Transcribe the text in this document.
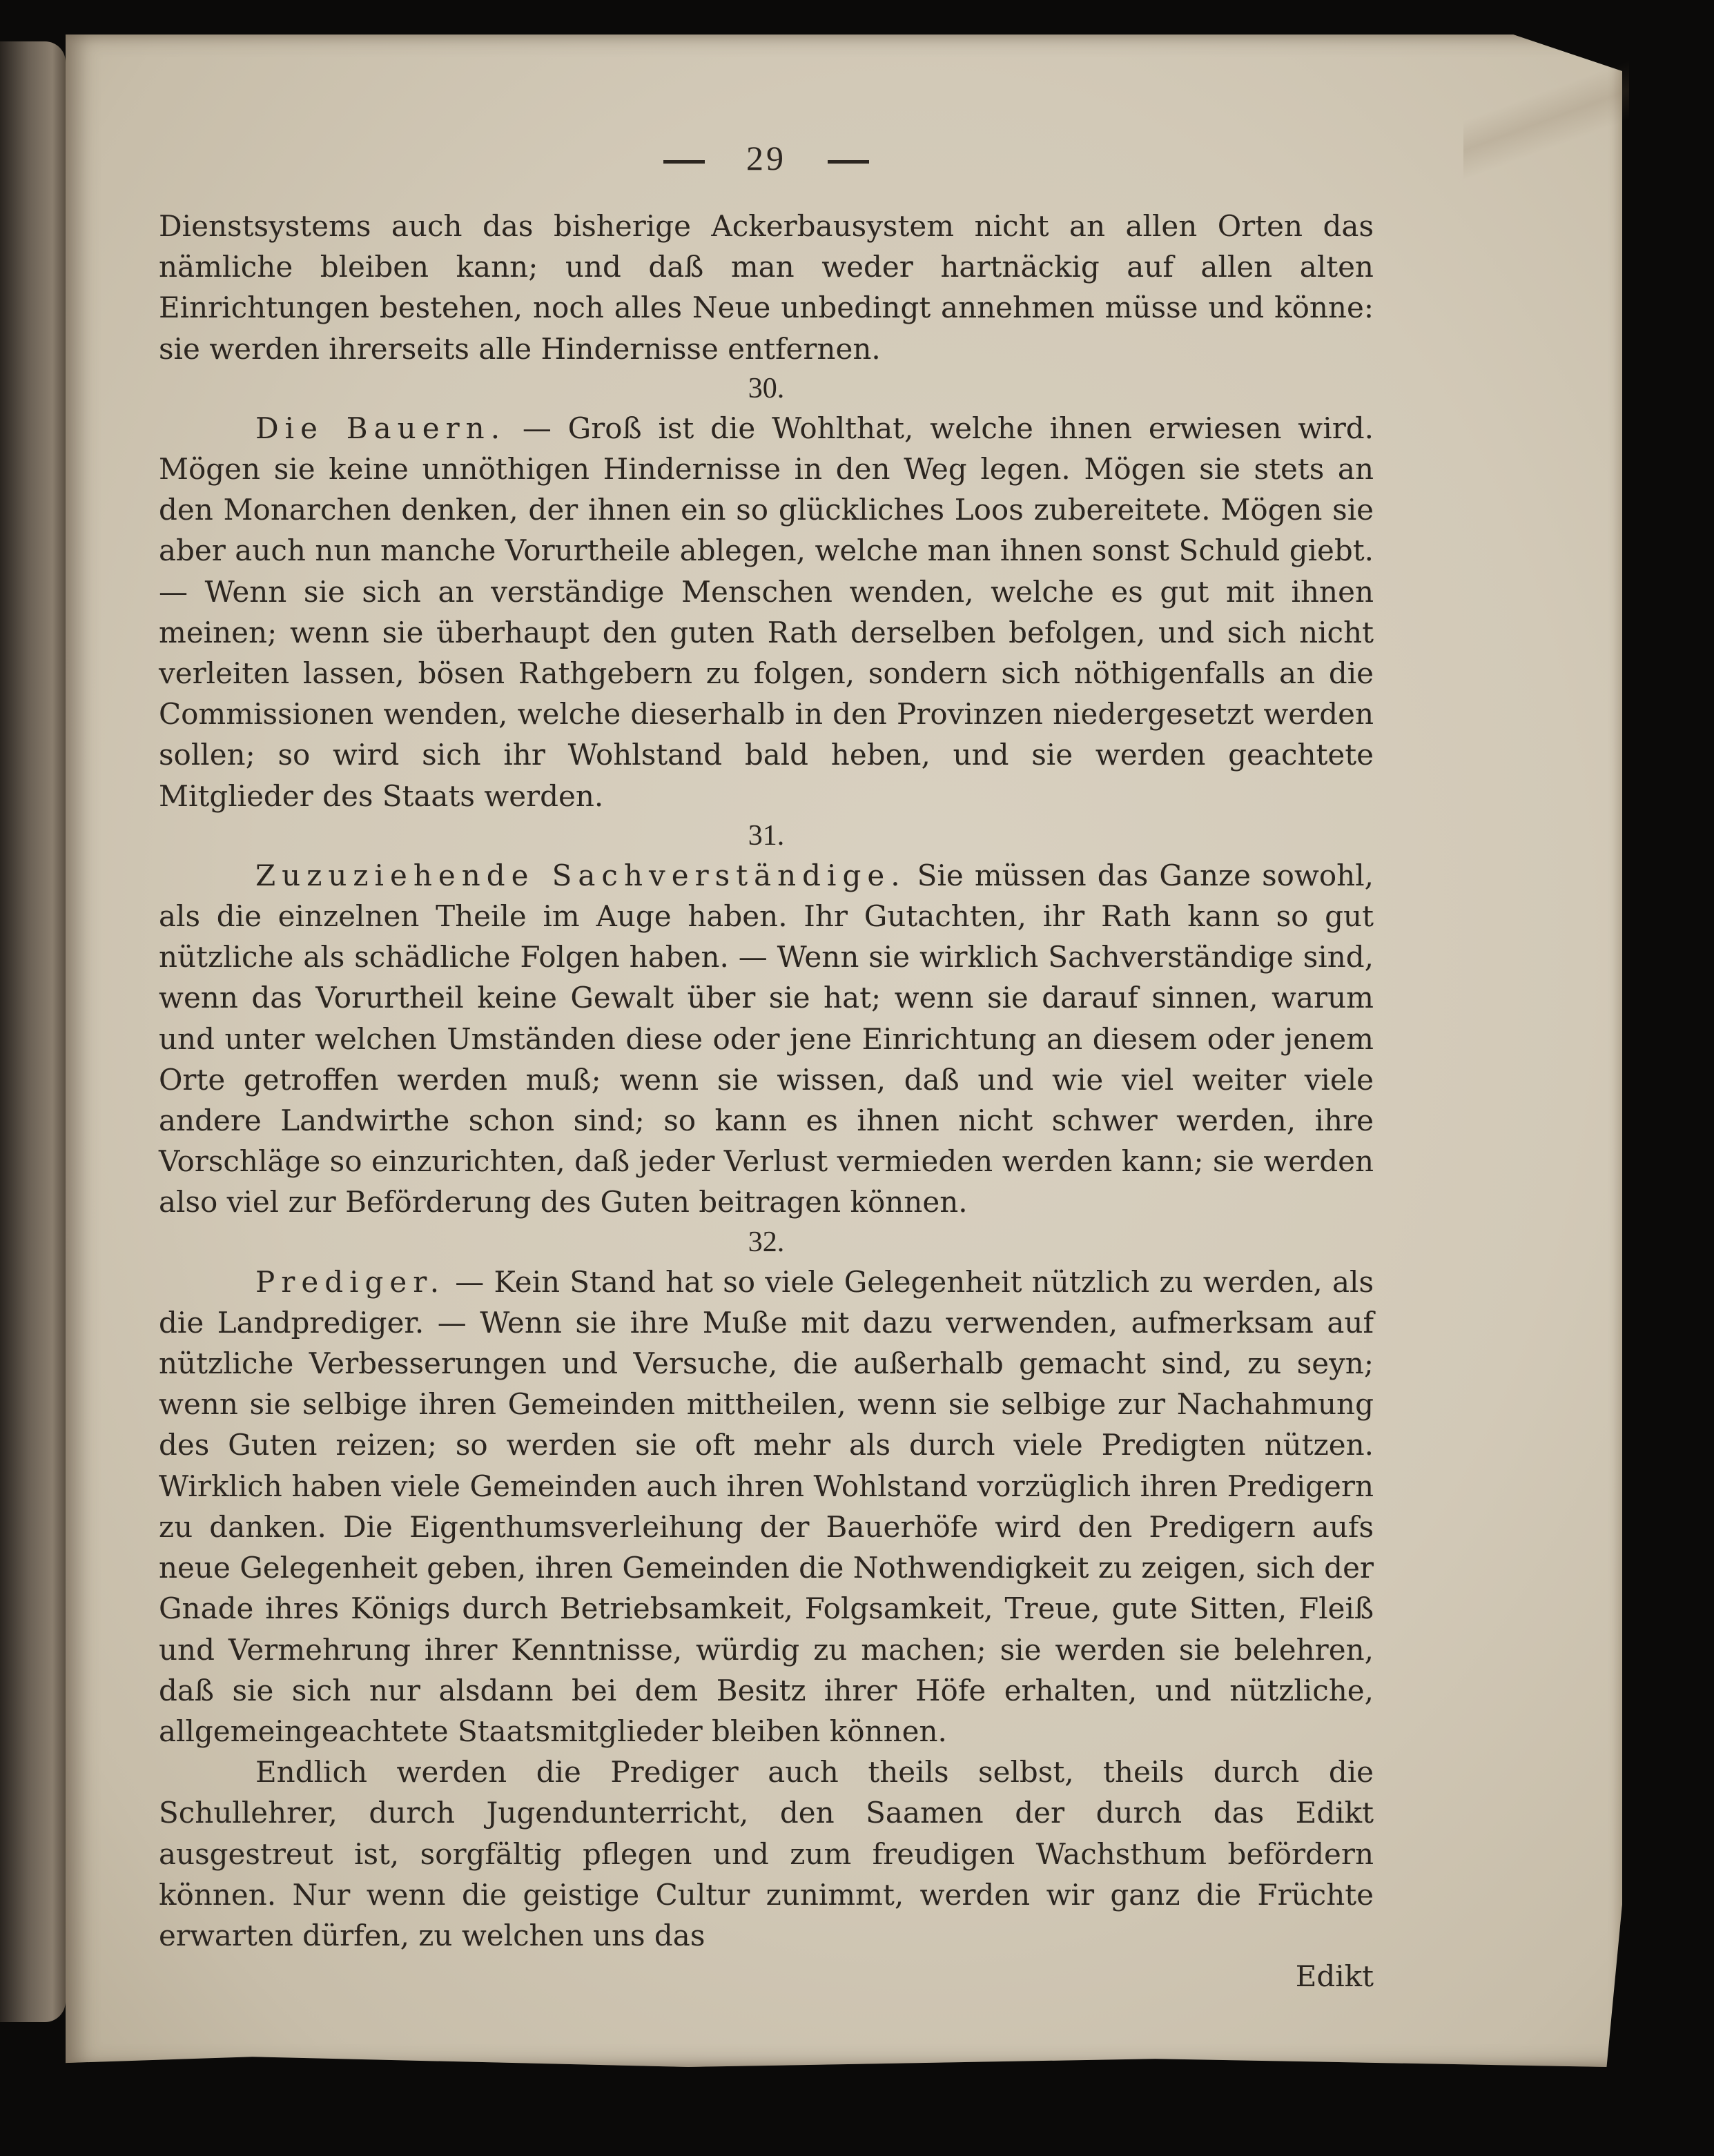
29

Dienstsystems auch das bisherige Ackerbausystem nicht an allen Orten das nämliche bleiben kann; und daß man weder hartnäckig auf allen alten Einrichtungen bestehen, noch alles Neue unbedingt annehmen müsse und könne: sie werden ihrerseits alle Hindernisse entfernen.

30.

Die Bauern. — Groß ist die Wohlthat, welche ihnen erwiesen wird. Mögen sie keine unnöthigen Hindernisse in den Weg legen. Mögen sie stets an den Monarchen denken, der ihnen ein so glückliches Loos zubereitete. Mögen sie aber auch nun manche Vorurtheile ablegen, welche man ihnen sonst Schuld giebt. — Wenn sie sich an verständige Menschen wenden, welche es gut mit ihnen meinen; wenn sie überhaupt den guten Rath derselben befolgen, und sich nicht verleiten lassen, bösen Rathgebern zu folgen, sondern sich nöthigenfalls an die Commissionen wenden, welche dieserhalb in den Provinzen niedergesetzt werden sollen; so wird sich ihr Wohlstand bald heben, und sie werden geachtete Mitglieder des Staats werden.

31.

Zuzuziehende Sachverständige. Sie müssen das Ganze sowohl, als die einzelnen Theile im Auge haben. Ihr Gutachten, ihr Rath kann so gut nützliche als schädliche Folgen haben. — Wenn sie wirklich Sachverständige sind, wenn das Vorurtheil keine Gewalt über sie hat; wenn sie darauf sinnen, warum und unter welchen Umständen diese oder jene Einrichtung an diesem oder jenem Orte getroffen werden muß; wenn sie wissen, daß und wie viel weiter viele andere Landwirthe schon sind; so kann es ihnen nicht schwer werden, ihre Vorschläge so einzurichten, daß jeder Verlust vermieden werden kann; sie werden also viel zur Beförderung des Guten beitragen können.

32.

Prediger. — Kein Stand hat so viele Gelegenheit nützlich zu werden, als die Landprediger. — Wenn sie ihre Muße mit dazu verwenden, aufmerksam auf nützliche Verbesserungen und Versuche, die außerhalb gemacht sind, zu seyn; wenn sie selbige ihren Gemeinden mittheilen, wenn sie selbige zur Nachahmung des Guten reizen; so werden sie oft mehr als durch viele Predigten nützen. Wirklich haben viele Gemeinden auch ihren Wohlstand vorzüglich ihren Predigern zu danken. Die Eigenthumsverleihung der Bauerhöfe wird den Predigern aufs neue Gelegenheit geben, ihren Gemeinden die Nothwendigkeit zu zeigen, sich der Gnade ihres Königs durch Betriebsamkeit, Folgsamkeit, Treue, gute Sitten, Fleiß und Vermehrung ihrer Kenntnisse, würdig zu machen; sie werden sie belehren, daß sie sich nur alsdann bei dem Besitz ihrer Höfe erhalten, und nützliche, allgemeingeachtete Staatsmitglieder bleiben können.

Endlich werden die Prediger auch theils selbst, theils durch die Schullehrer, durch Jugendunterricht, den Saamen der durch das Edikt ausgestreut ist, sorgfältig pflegen und zum freudigen Wachsthum befördern können. Nur wenn die geistige Cultur zunimmt, werden wir ganz die Früchte erwarten dürfen, zu welchen uns das

Edikt
